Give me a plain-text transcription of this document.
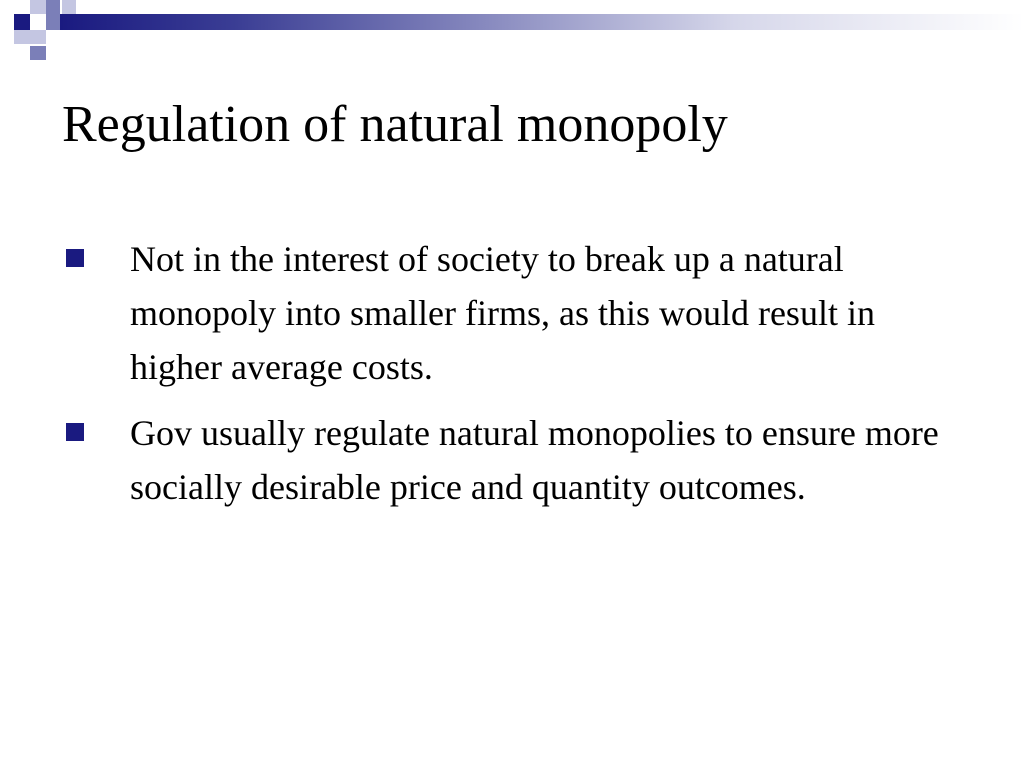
Regulation of natural monopoly
Not in the interest of society to break up a natural monopoly into smaller firms, as this would result in higher average costs.
Gov usually regulate natural monopolies to ensure more socially desirable price and quantity outcomes.
